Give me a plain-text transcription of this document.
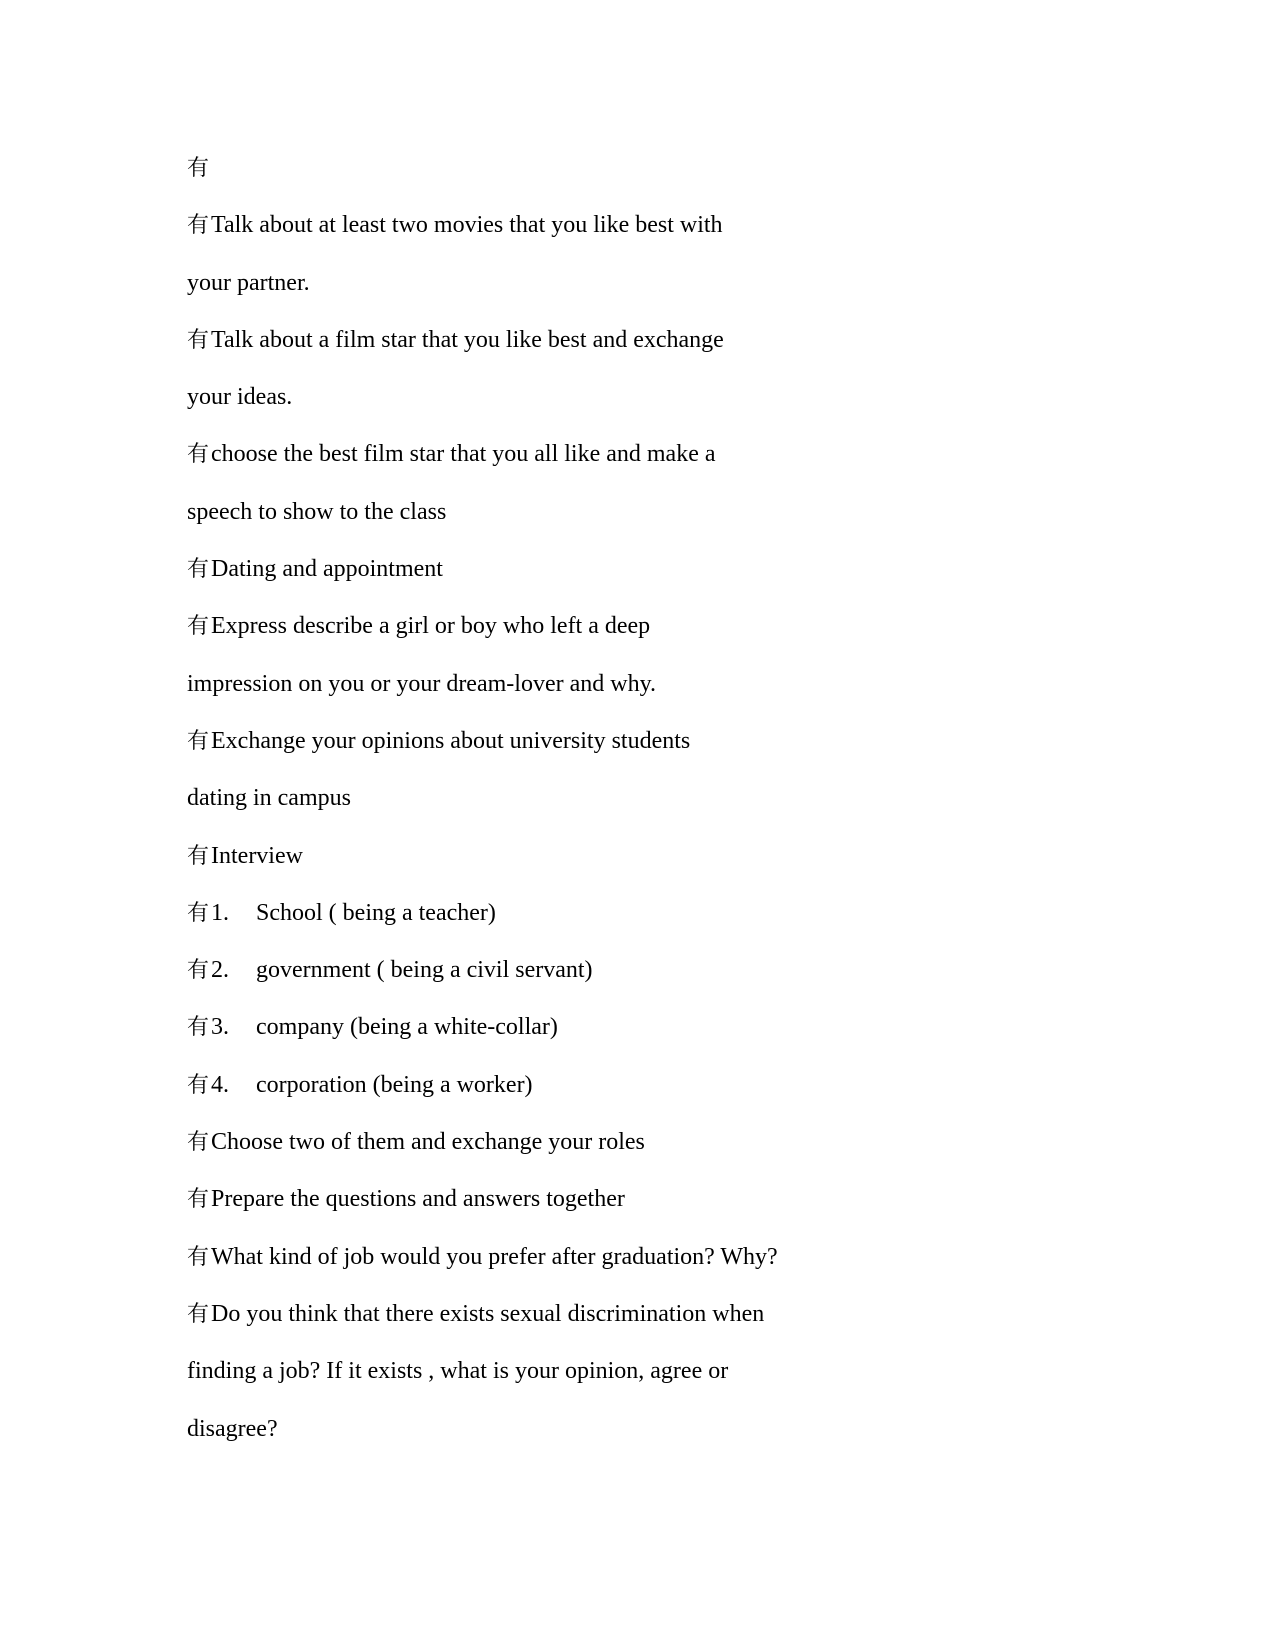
有
有Talk about at least two movies that you like best with
your partner.
有Talk about a film star that you like best and exchange
your ideas.
有choose the best film star that you all like and make a
speech to show to the class
有Dating and appointment
有Express describe a girl or boy who left a deep
impression on you or your dream-lover and why.
有Exchange your opinions about university students
dating in campus
有Interview
有1. School ( being a teacher)
有2. government ( being a civil servant)
有3. company (being a white-collar)
有4. corporation (being a worker)
有Choose two of them and exchange your roles
有Prepare the questions and answers together
有What kind of job would you prefer after graduation? Why?
有Do you think that there exists sexual discrimination when
finding a job? If it exists , what is your opinion, agree or
disagree?
